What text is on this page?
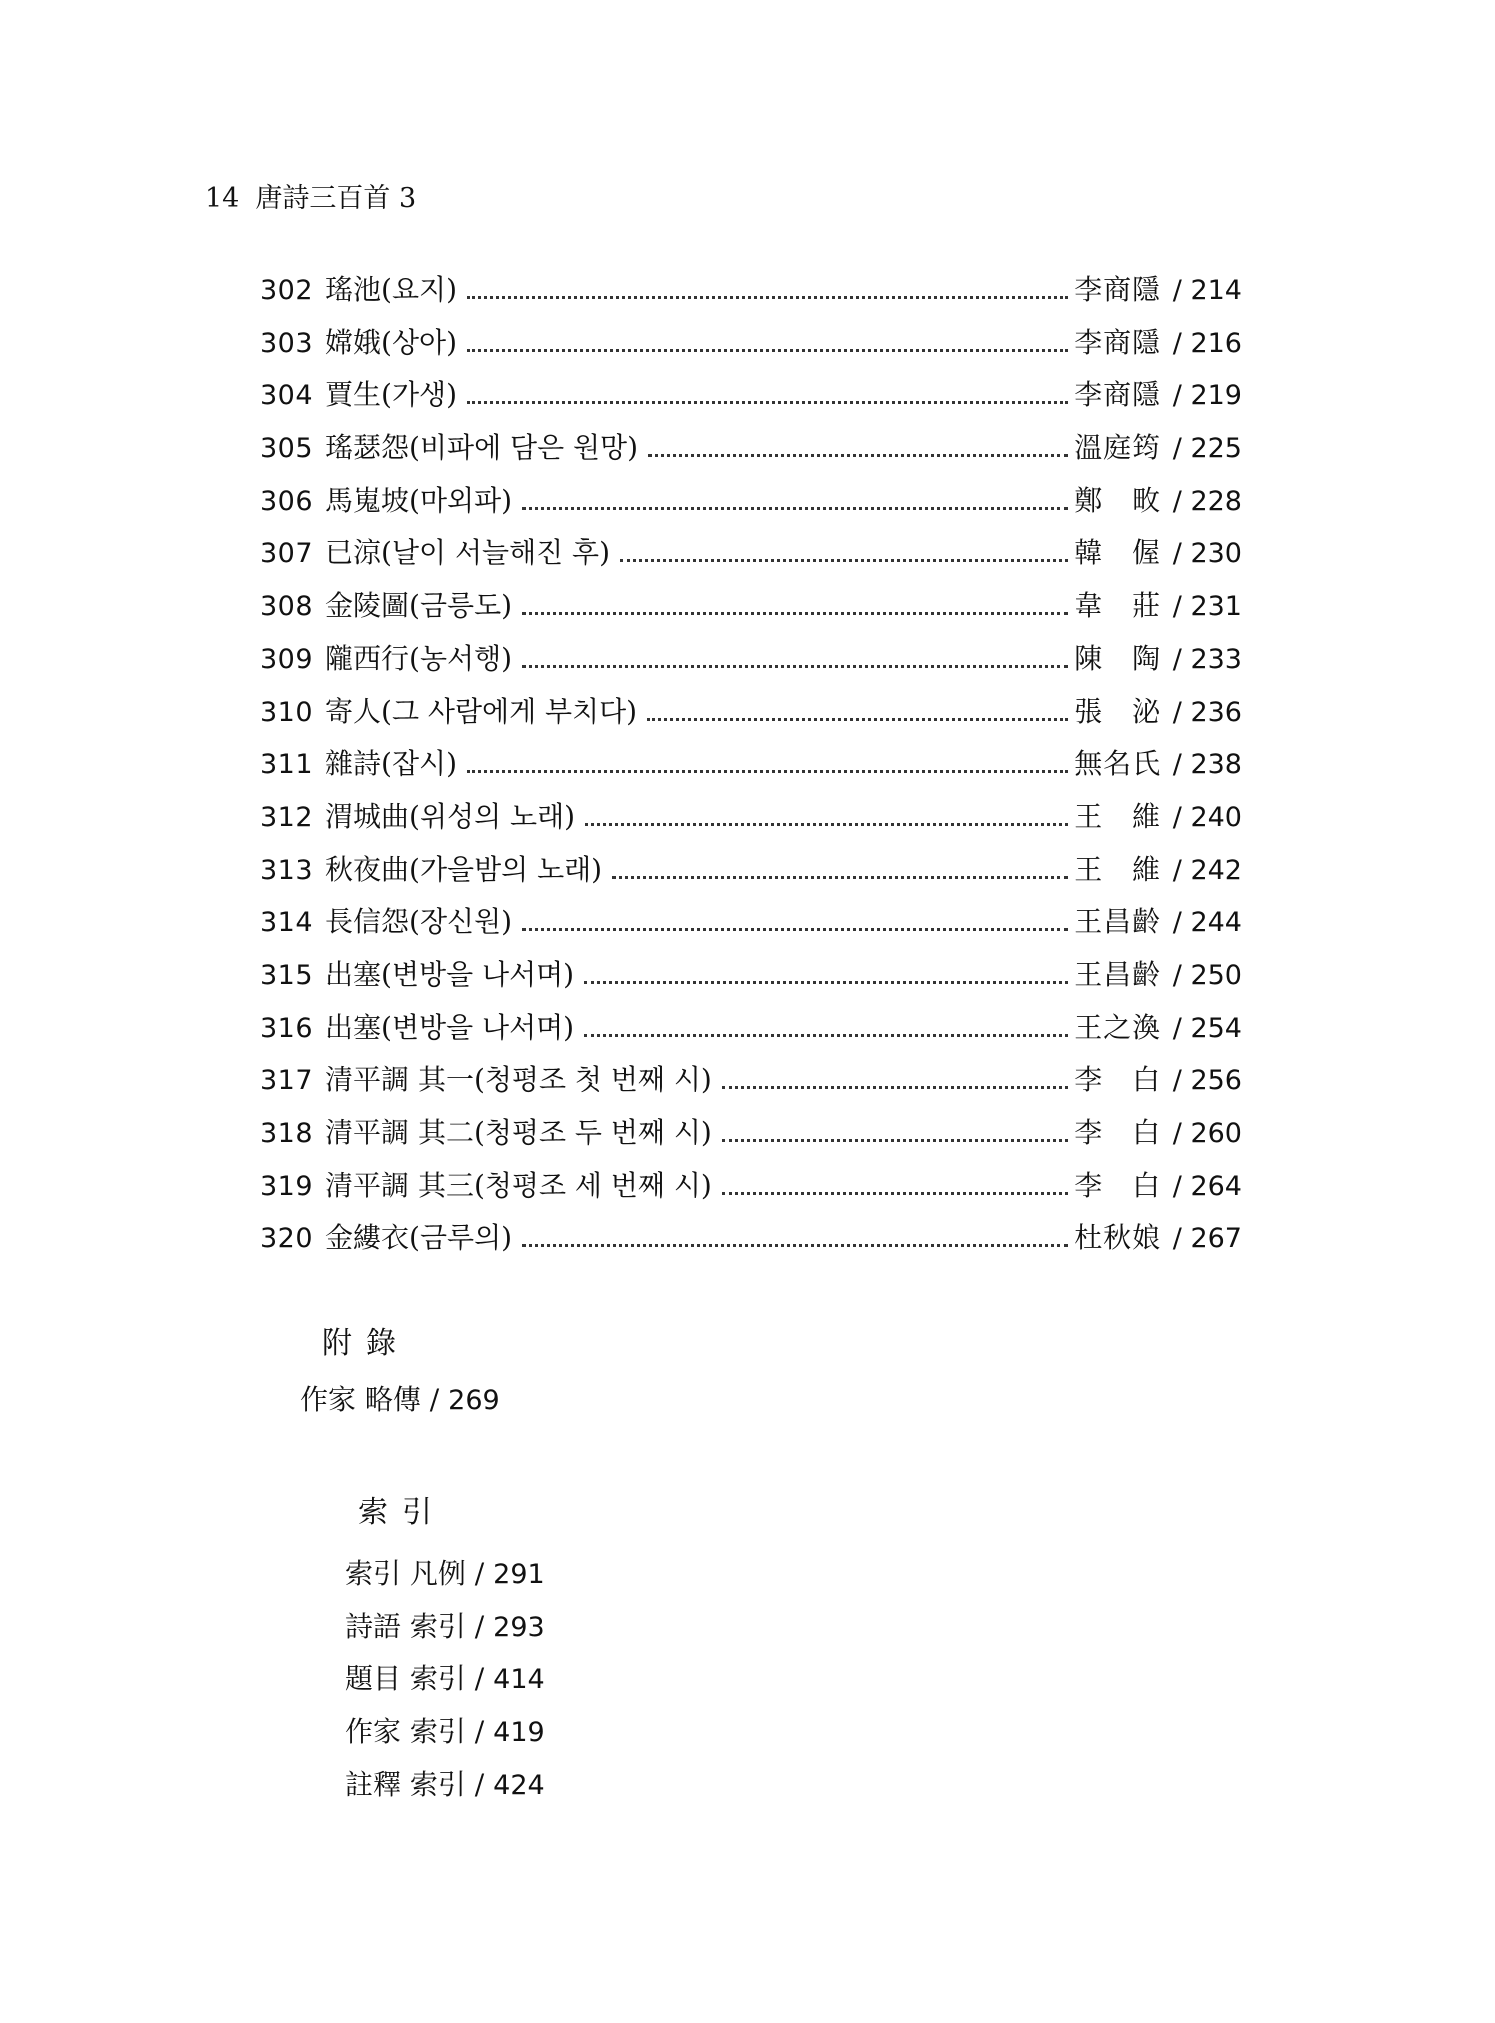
14 唐詩三百首 3
302 瑤池(요지)	李商隱 / 214
303 嫦娥(상아)	李商隱 / 216
304 賈生(가생)	李商隱 / 219
305 瑤瑟怨(비파에 담은 원망)	溫庭筠 / 225
306 馬嵬坡(마외파)	鄭 畋 / 228
307 已涼(날이 서늘해진 후)	韓 偓 / 230
308 金陵圖(금릉도)	韋 莊 / 231
309 隴西行(농서행)	陳 陶 / 233
310 寄人(그 사람에게 부치다)	張 泌 / 236
311 雜詩(잡시)	無名氏 / 238
312 渭城曲(위성의 노래)	王 維 / 240
313 秋夜曲(가을밤의 노래)	王 維 / 242
314 長信怨(장신원)	王昌齡 / 244
315 出塞(변방을 나서며)	王昌齡 / 250
316 出塞(변방을 나서며)	王之渙 / 254
317 清平調 其一(청평조 첫 번째 시)	李 白 / 256
318 清平調 其二(청평조 두 번째 시)	李 白 / 260
319 清平調 其三(청평조 세 번째 시)	李 白 / 264
320 金縷衣(금루의)	杜秋娘 / 267
附錄
作家 略傳 / 269
索引
索引 凡例 / 291
詩語 索引 / 293
題目 索引 / 414
作家 索引 / 419
註釋 索引 / 424
